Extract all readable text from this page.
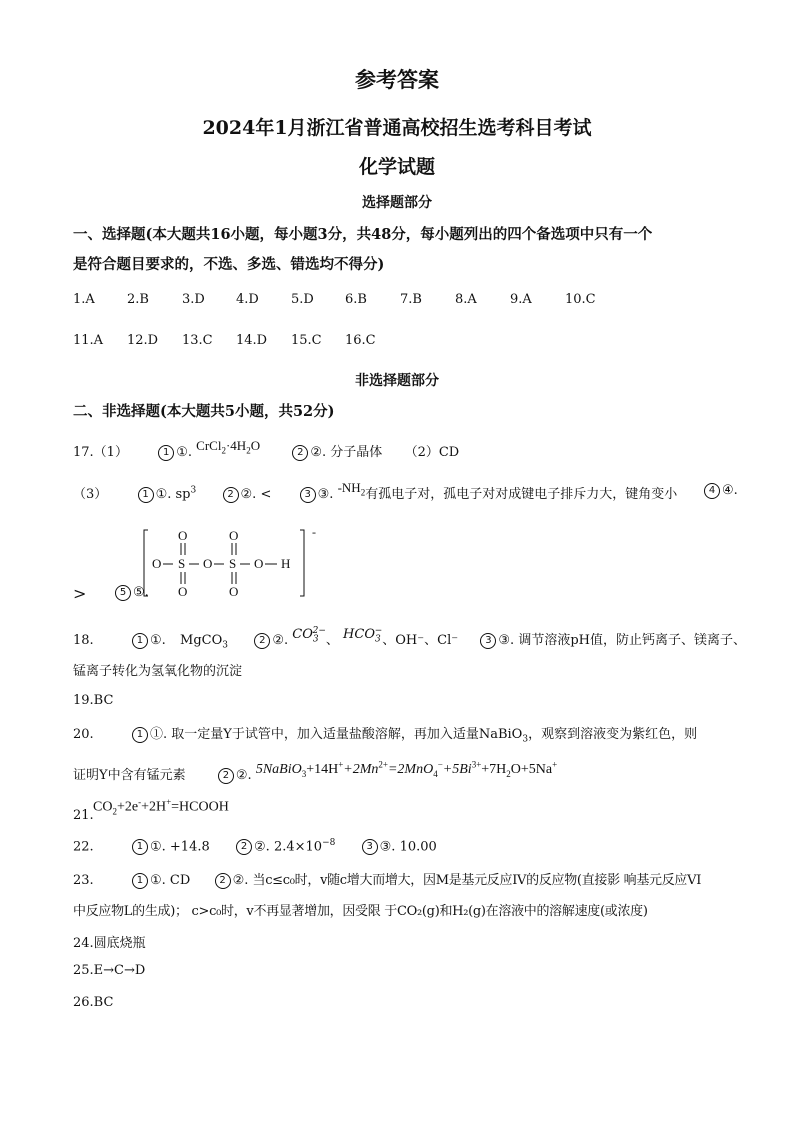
参考答案
2024年1月浙江省普通高校招生选考科目考试
化学试题
选择题部分
一、选择题(本大题共16小题，每小题3分，共48分，每小题列出的四个备选项中只有一个
是符合题目要求的，不选、多选、错选均不得分)
1.A 2.B	3.D 4.D 5.D 6.B	7.B	8.A	9.A	10.C
11.A 12.D 13.C 14.D 15.C 16.C
非选择题部分
二、非选择题(本大题共5小题，共52分)
17.（1）	1 ①. $CrCl_2\cdot 4H_2O$	2 ②. 分子晶体 （2）CD
（3）	1 ①. $sp^3$	2 ②. <	3 ③. $-NH_2$有孤电子对，孤电子对对成键电子排斥力大，键角变小	4 ④.
>	5 ⑤.
-
O S O S O H
O	O
O	O
18.	1 ①. MgCO$_3$	2 ②. $CO_3^{2-}$、 $HCO_3^-$、OH⁻、Cl⁻	3 ③. 调节溶液pH值，防止钙离子、镁离子、
锰离子转化为氢氧化物的沉淀
19.BC
20.	1 ①. 取一定量Y于试管中，加入适量盐酸溶解，再加入适量NaBiO$_3$，观察到溶液变为紫红色，则
证明Y中含有锰元素	2 ②. $5NaBiO_3+14H^++2Mn^{2+}=2MnO_4^-+5Bi^{3+}+7H_2O+5Na^+$
21.
$CO_2+2e^-+2H^+=HCOOH$
22.	1 ①. +14.8	2 ②. $2.4\times 10^{-8}$	3 ③. 10.00
23.	1 ①. CD	2 ②. 当c≤c₀时，v随c增大而增大，因M是基元反应IV的反应物(直接影 响基元反应VI
中反应物L的生成)； c>c₀时，v不再显著增加，因受限 于CO₂(g)和H₂(g)在溶液中的溶解速度(或浓度)
24.圆底烧瓶
25.E→C→D
26.BC
